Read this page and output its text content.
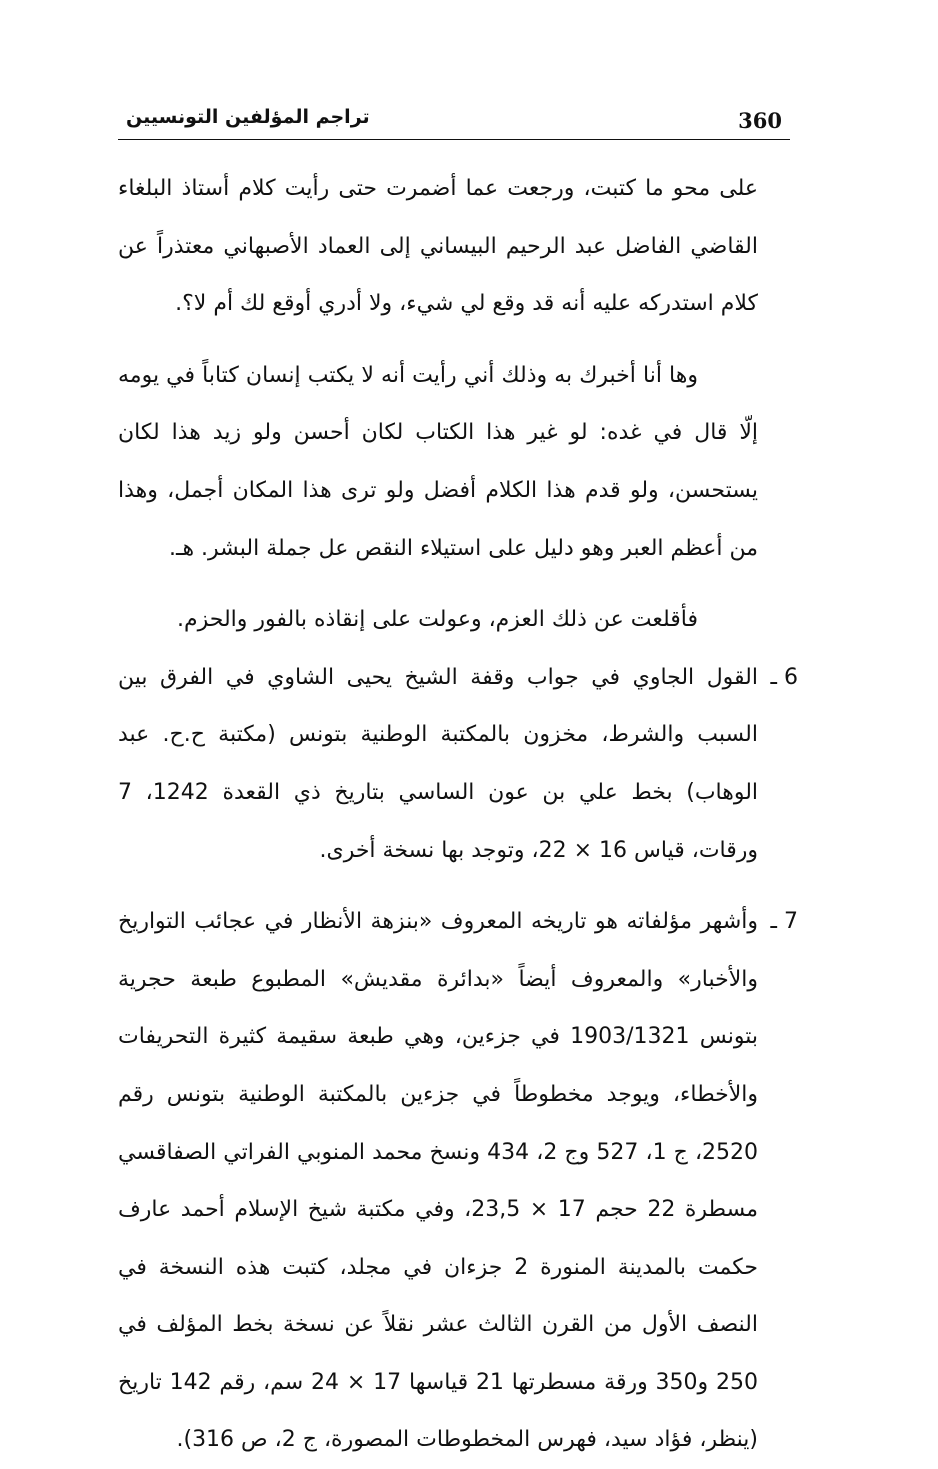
360
تراجم المؤلفين التونسيين

على محو ما كتبت، ورجعت عما أضمرت حتى رأيت كلام أستاذ البلغاء القاضي الفاضل عبد الرحيم البيساني إلى العماد الأصبهاني معتذراً عن كلام استدركه عليه أنه قد وقع لي شيء، ولا أدري أوقع لك أم لا؟.

وها أنا أخبرك به وذلك أني رأيت أنه لا يكتب إنسان كتاباً في يومه إلّا قال في غده: لو غير هذا الكتاب لكان أحسن ولو زيد هذا لكان يستحسن، ولو قدم هذا الكلام أفضل ولو ترى هذا المكان أجمل، وهذا من أعظم العبر وهو دليل على استيلاء النقص عل جملة البشر. هـ.

فأقلعت عن ذلك العزم، وعولت على إنقاذه بالفور والحزم.

6 ـ

القول الجاوي في جواب وقفة الشيخ يحيى الشاوي في الفرق بين السبب والشرط، مخزون بالمكتبة الوطنية بتونس (مكتبة ح.ح. عبد الوهاب) بخط علي بن عون الساسي بتاريخ ذي القعدة 1242، 7 ورقات، قياس 16 × 22، وتوجد بها نسخة أخرى.

7 ـ

وأشهر مؤلفاته هو تاريخه المعروف «بنزهة الأنظار في عجائب التواريخ والأخبار» والمعروف أيضاً «بدائرة مقديش» المطبوع طبعة حجرية بتونس 1903/1321 في جزءين، وهي طبعة سقيمة كثيرة التحريفات والأخطاء، ويوجد مخطوطاً في جزءين بالمكتبة الوطنية بتونس رقم 2520، ج 1، 527 وج 2، 434 ونسخ محمد المنوبي الفراتي الصفاقسي مسطرة 22 حجم 17 × 23,5، وفي مكتبة شيخ الإسلام أحمد عارف حكمت بالمدينة المنورة 2 جزءان في مجلد، كتبت هذه النسخة في النصف الأول من القرن الثالث عشر نقلاً عن نسخة بخط المؤلف في 250 و350 ورقة مسطرتها 21 قياسها 17 × 24 سم، رقم 142 تاريخ (ينظر، فؤاد سيد، فهرس المخطوطات المصورة، ج 2، ص 316).
